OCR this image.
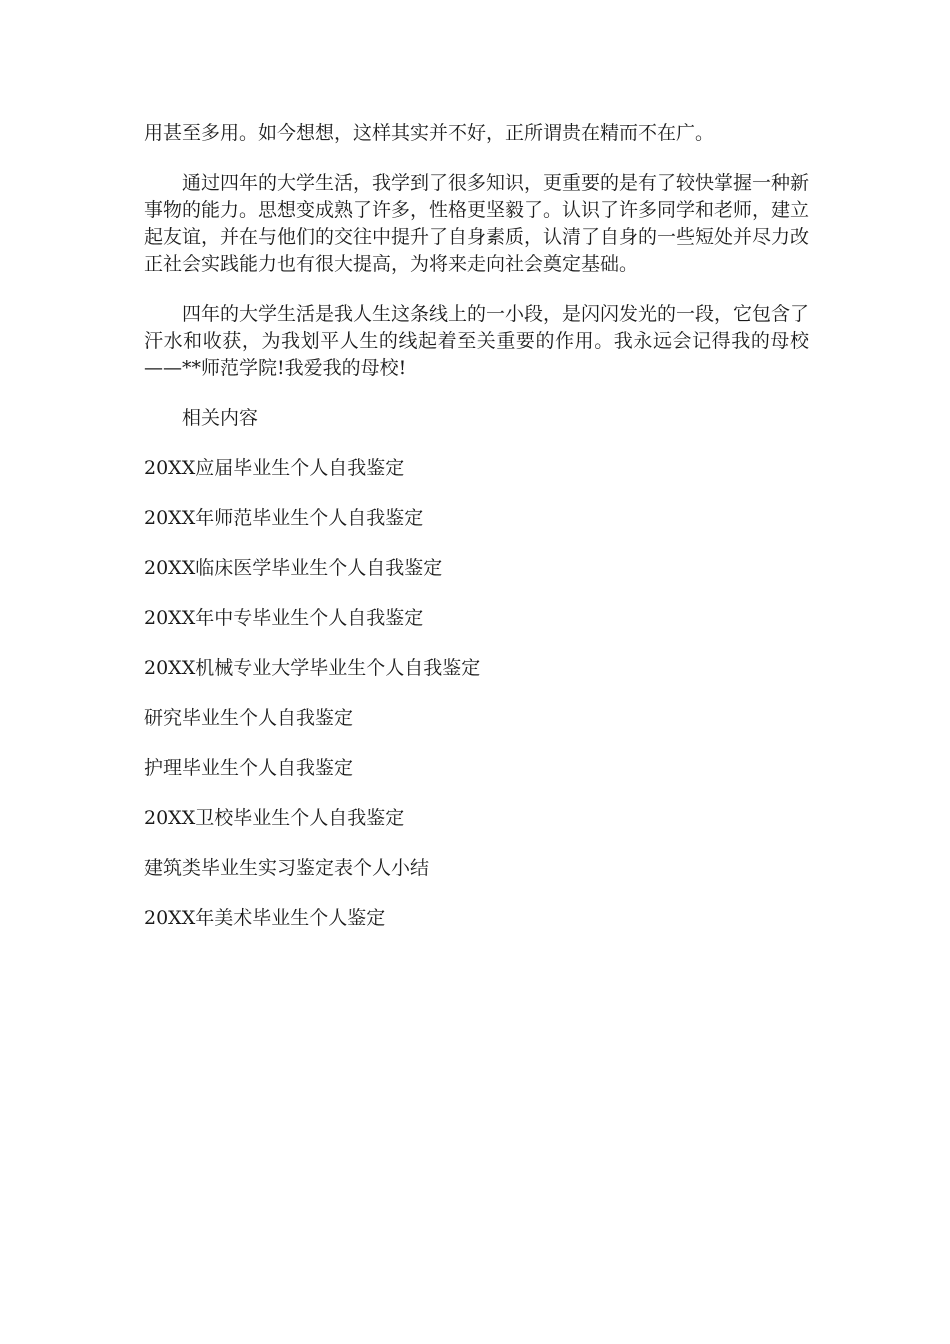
用甚至多用。如今想想，这样其实并不好，正所谓贵在精而不在广。

通过四年的大学生活，我学到了很多知识，更重要的是有了较快掌握一种新事物的能力。思想变成熟了许多，性格更坚毅了。认识了许多同学和老师，建立起友谊，并在与他们的交往中提升了自身素质，认清了自身的一些短处并尽力改正社会实践能力也有很大提高，为将来走向社会奠定基础。

四年的大学生活是我人生这条线上的一小段，是闪闪发光的一段，它包含了汗水和收获，为我划平人生的线起着至关重要的作用。我永远会记得我的母校——**师范学院!我爱我的母校!

相关内容
20XX应届毕业生个人自我鉴定
20XX年师范毕业生个人自我鉴定
20XX临床医学毕业生个人自我鉴定
20XX年中专毕业生个人自我鉴定
20XX机械专业大学毕业生个人自我鉴定
研究毕业生个人自我鉴定
护理毕业生个人自我鉴定
20XX卫校毕业生个人自我鉴定
建筑类毕业生实习鉴定表个人小结
20XX年美术毕业生个人鉴定
